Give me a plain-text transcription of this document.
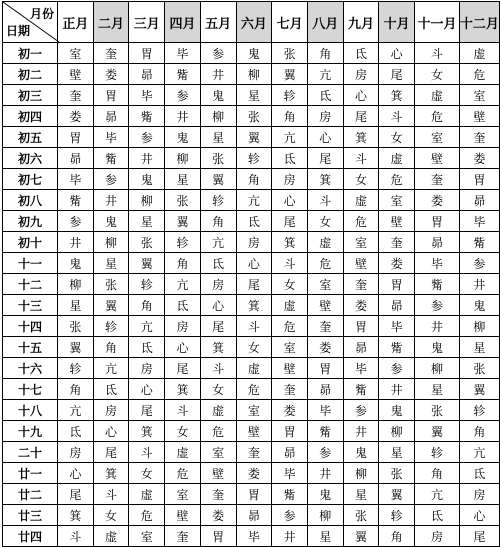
月份
日期	正月	二月	三月	四月	五月	六月	七月	八月	九月	十月	十一月	十二月
初一	室	奎	胃	毕	参	鬼	张	角	氐	心	斗	虚
初二	壁	娄	昴	觜	井	柳	翼	亢	房	尾	女	危
初三	奎	胃	毕	参	鬼	星	轸	氐	心	箕	虚	室
初四	娄	昴	觜	井	柳	张	角	房	尾	斗	危	壁
初五	胃	毕	参	鬼	星	翼	亢	心	箕	女	室	奎
初六	昴	觜	井	柳	张	轸	氐	尾	斗	虚	壁	娄
初七	毕	参	鬼	星	翼	角	房	箕	女	危	奎	胃
初八	觜	井	柳	张	轸	亢	心	斗	虚	室	娄	昴
初九	参	鬼	星	翼	角	氐	尾	女	危	壁	胃	毕
初十	井	柳	张	轸	亢	房	箕	虚	室	奎	昴	觜
十一	鬼	星	翼	角	氐	心	斗	危	壁	娄	毕	参
十二	柳	张	轸	亢	房	尾	女	室	奎	胃	觜	井
十三	星	翼	角	氐	心	箕	虚	壁	娄	昴	参	鬼
十四	张	轸	亢	房	尾	斗	危	奎	胃	毕	井	柳
十五	翼	角	氐	心	箕	女	室	娄	昴	觜	鬼	星
十六	轸	亢	房	尾	斗	虚	壁	胃	毕	参	柳	张
十七	角	氐	心	箕	女	危	奎	昴	觜	井	星	翼
十八	亢	房	尾	斗	虚	室	娄	毕	参	鬼	张	轸
十九	氐	心	箕	女	危	壁	胃	觜	井	柳	翼	角
二十	房	尾	斗	虚	室	奎	昴	参	鬼	星	轸	亢
廿一	心	箕	女	危	壁	娄	毕	井	柳	张	角	氐
廿二	尾	斗	虚	室	奎	胃	觜	鬼	星	翼	亢	房
廿三	箕	女	危	壁	娄	昴	参	柳	张	轸	氐	心
廿四	斗	虚	室	奎	胃	毕	井	星	翼	角	房	尾
